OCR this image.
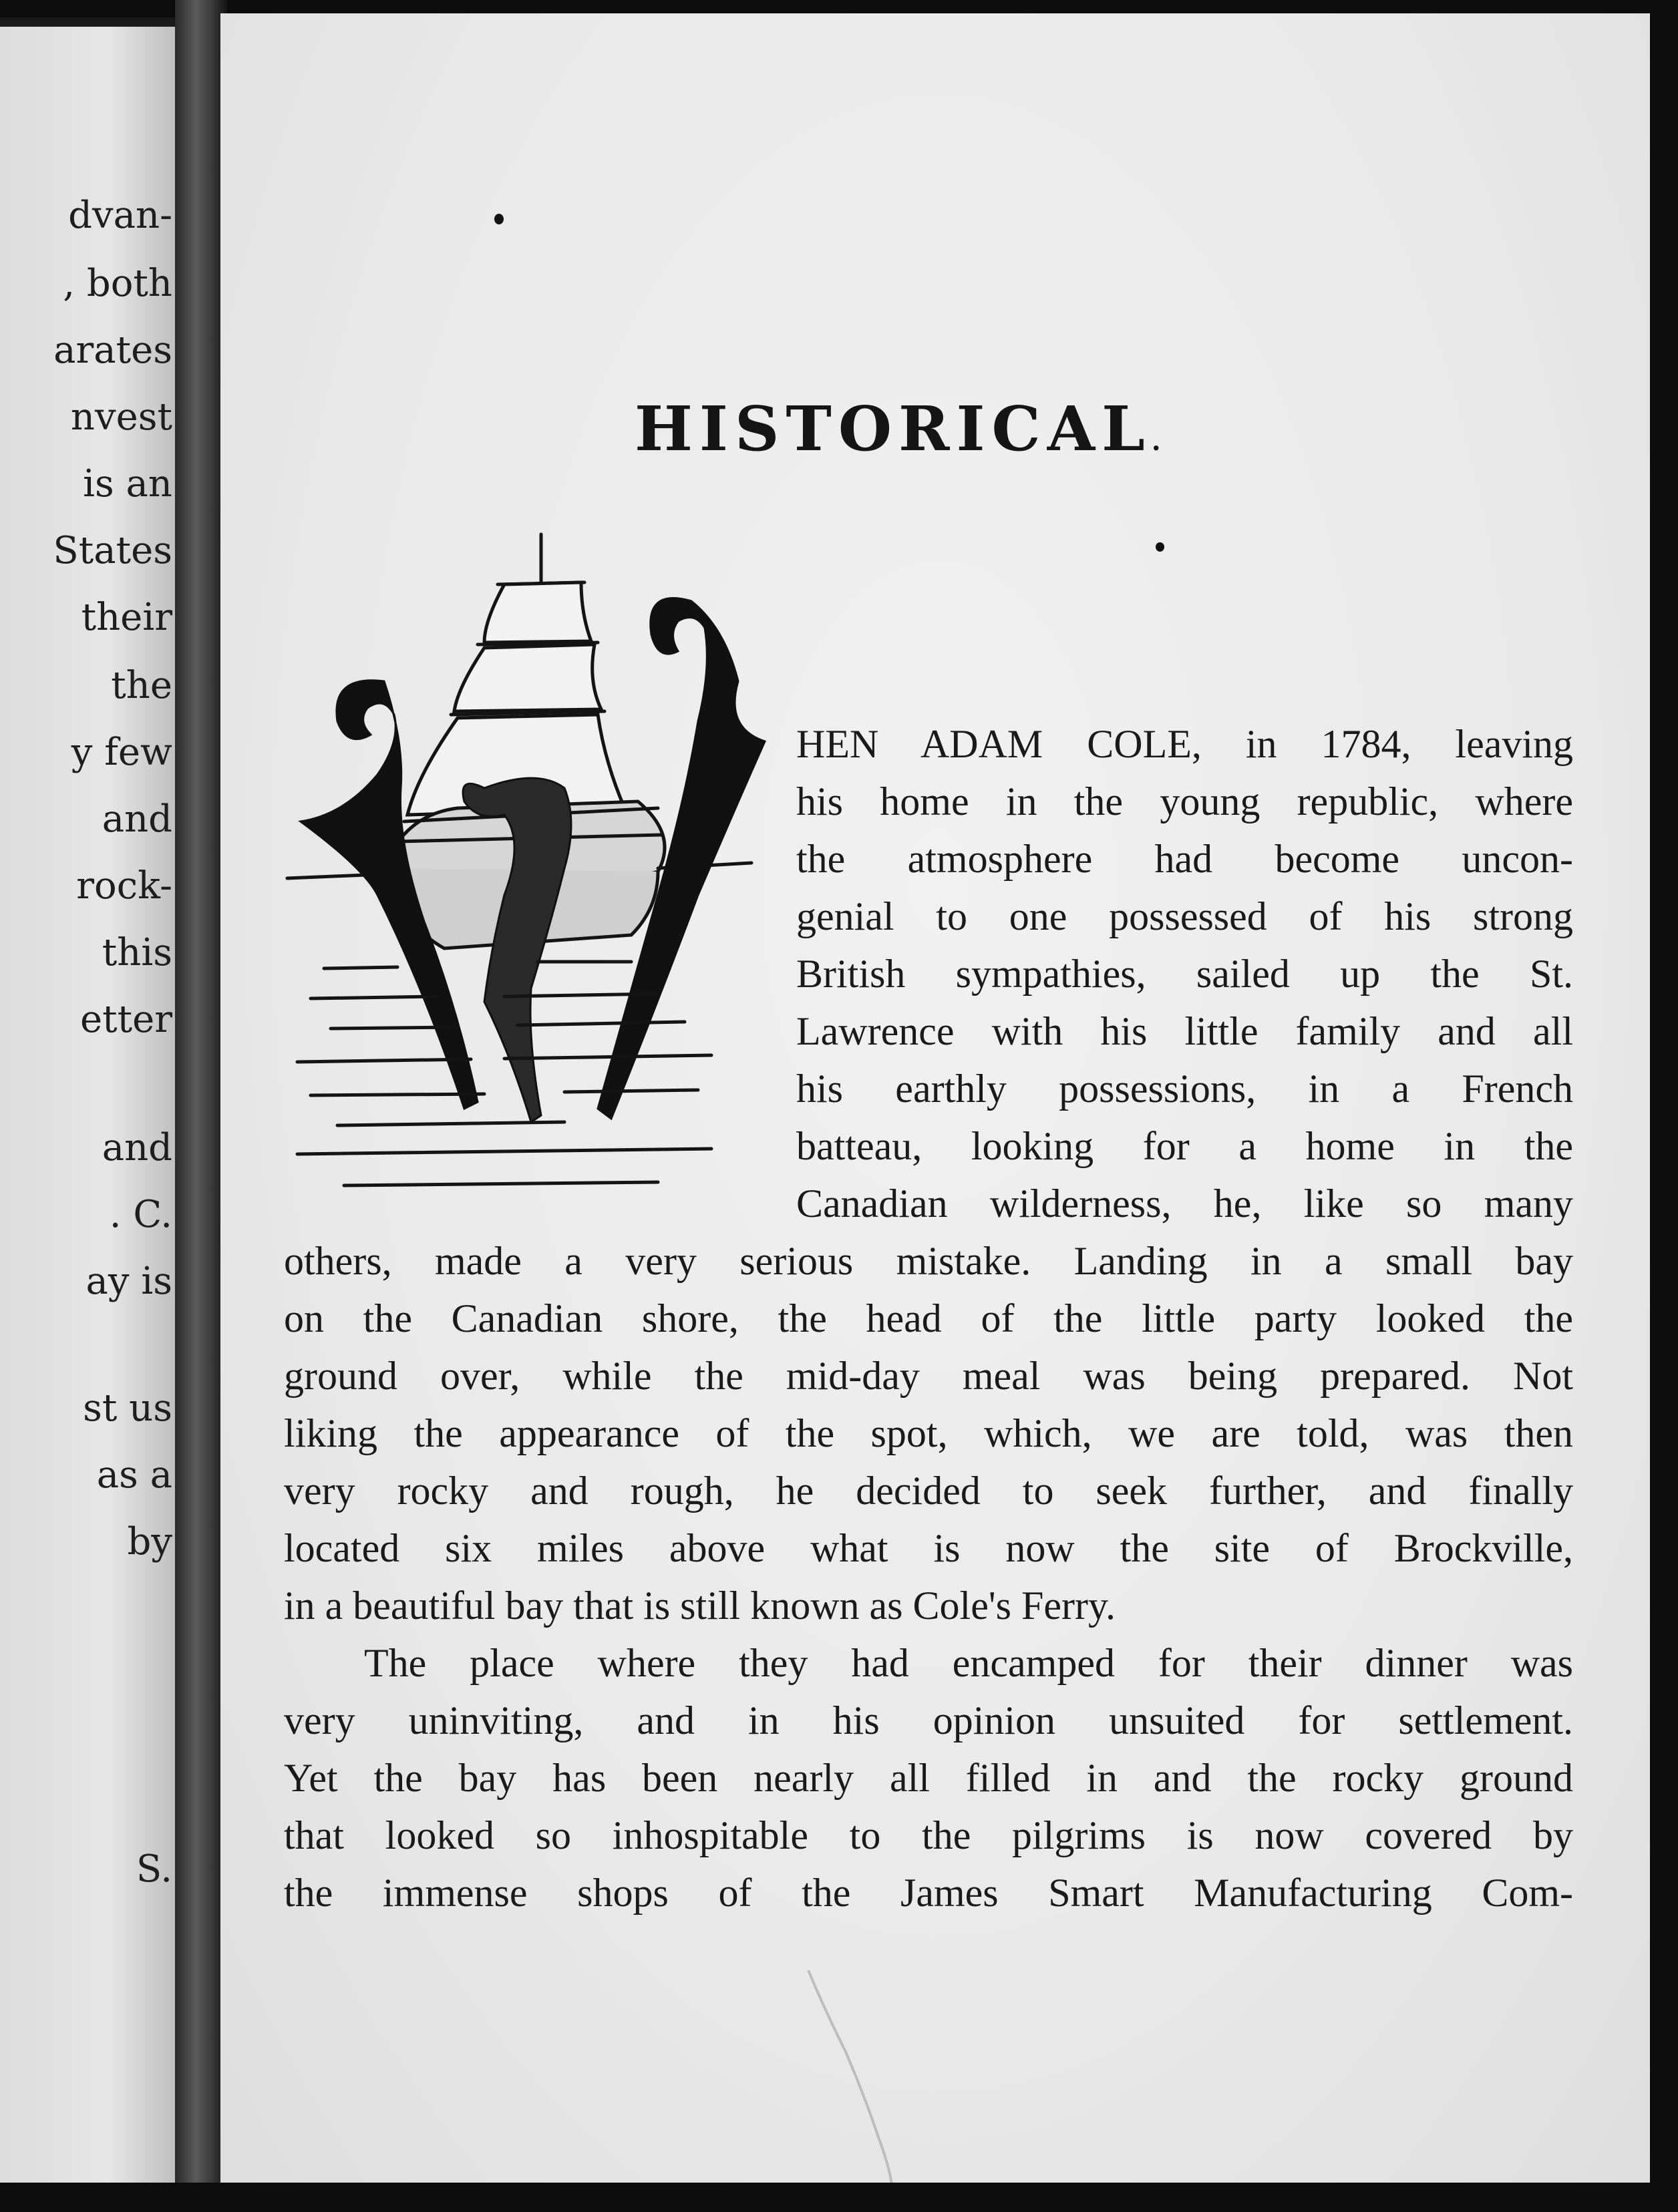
dvan-
, both
arates
nvest
is an
States
their
the
y few
and
rock-
this
etter
and
. C.
ay is
st us
as a
by
S.
HISTORICAL.
HEN ADAM COLE, in 1784, leaving
his home in the young republic, where
the atmosphere had become uncon-
genial to one possessed of his strong
British sympathies, sailed up the St.
Lawrence with his little family and all
his earthly possessions, in a French
batteau, looking for a home in the
Canadian wilderness, he, like so many
others, made a very serious mistake. Landing in a small bay
on the Canadian shore, the head of the little party looked the
ground over, while the mid-day meal was being prepared. Not
liking the appearance of the spot, which, we are told, was then
very rocky and rough, he decided to seek further, and finally
located six miles above what is now the site of Brockville,
in a beautiful bay that is still known as Cole's Ferry.
The place where they had encamped for their dinner was
very uninviting, and in his opinion unsuited for settlement.
Yet the bay has been nearly all filled in and the rocky ground
that looked so inhospitable to the pilgrims is now covered by
the immense shops of the James Smart Manufacturing Com-
